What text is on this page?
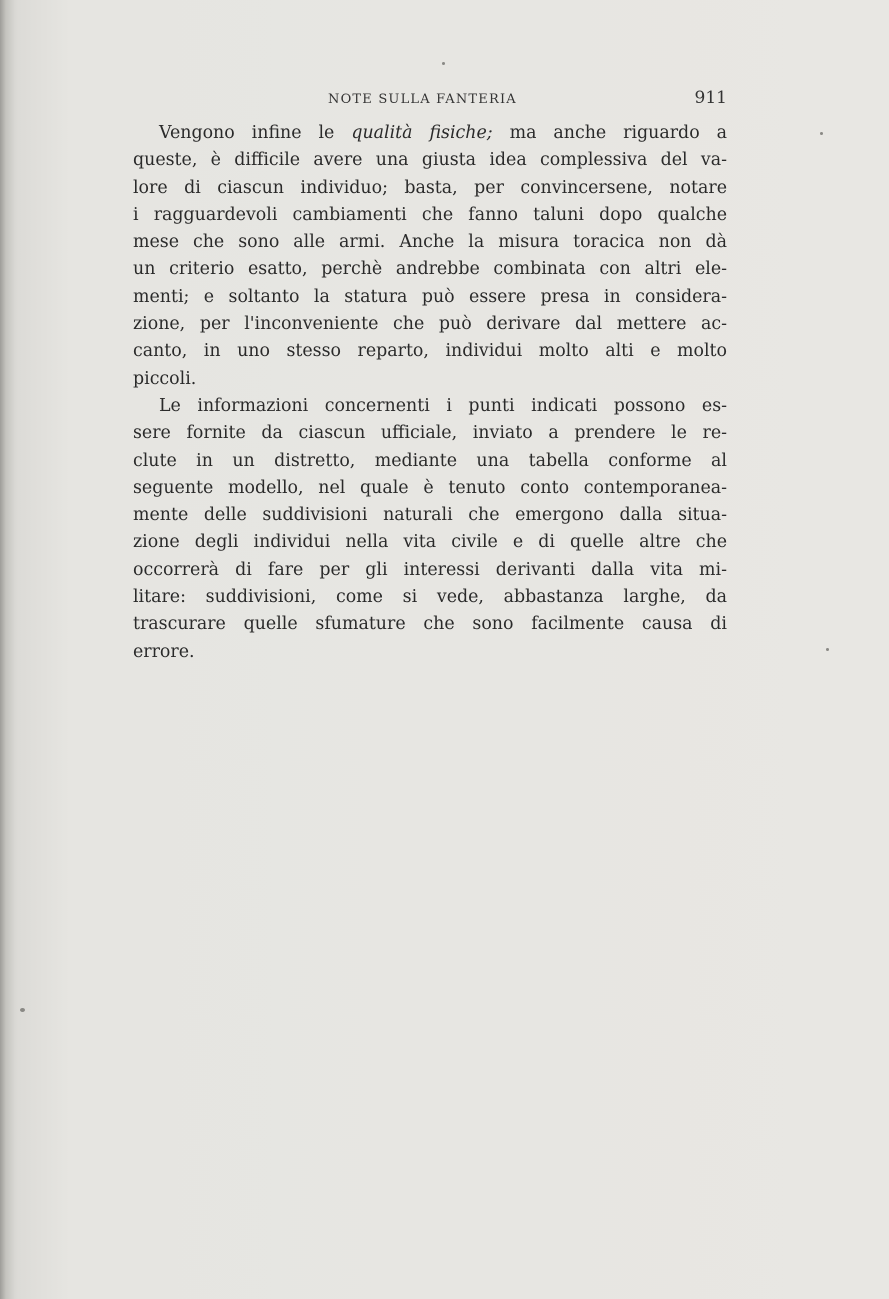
NOTE SULLA FANTERIA	911
Vengono infine le qualità fisiche; ma anche riguardo a
queste, è difficile avere una giusta idea complessiva del va-
lore di ciascun individuo; basta, per convincersene, notare
i ragguardevoli cambiamenti che fanno taluni dopo qualche
mese che sono alle armi. Anche la misura toracica non dà
un criterio esatto, perchè andrebbe combinata con altri ele-
menti; e soltanto la statura può essere presa in considera-
zione, per l'inconveniente che può derivare dal mettere ac-
canto, in uno stesso reparto, individui molto alti e molto
piccoli.
Le informazioni concernenti i punti indicati possono es-
sere fornite da ciascun ufficiale, inviato a prendere le re-
clute in un distretto, mediante una tabella conforme al
seguente modello, nel quale è tenuto conto contemporanea-
mente delle suddivisioni naturali che emergono dalla situa-
zione degli individui nella vita civile e di quelle altre che
occorrerà di fare per gli interessi derivanti dalla vita mi-
litare: suddivisioni, come si vede, abbastanza larghe, da
trascurare quelle sfumature che sono facilmente causa di
errore.
